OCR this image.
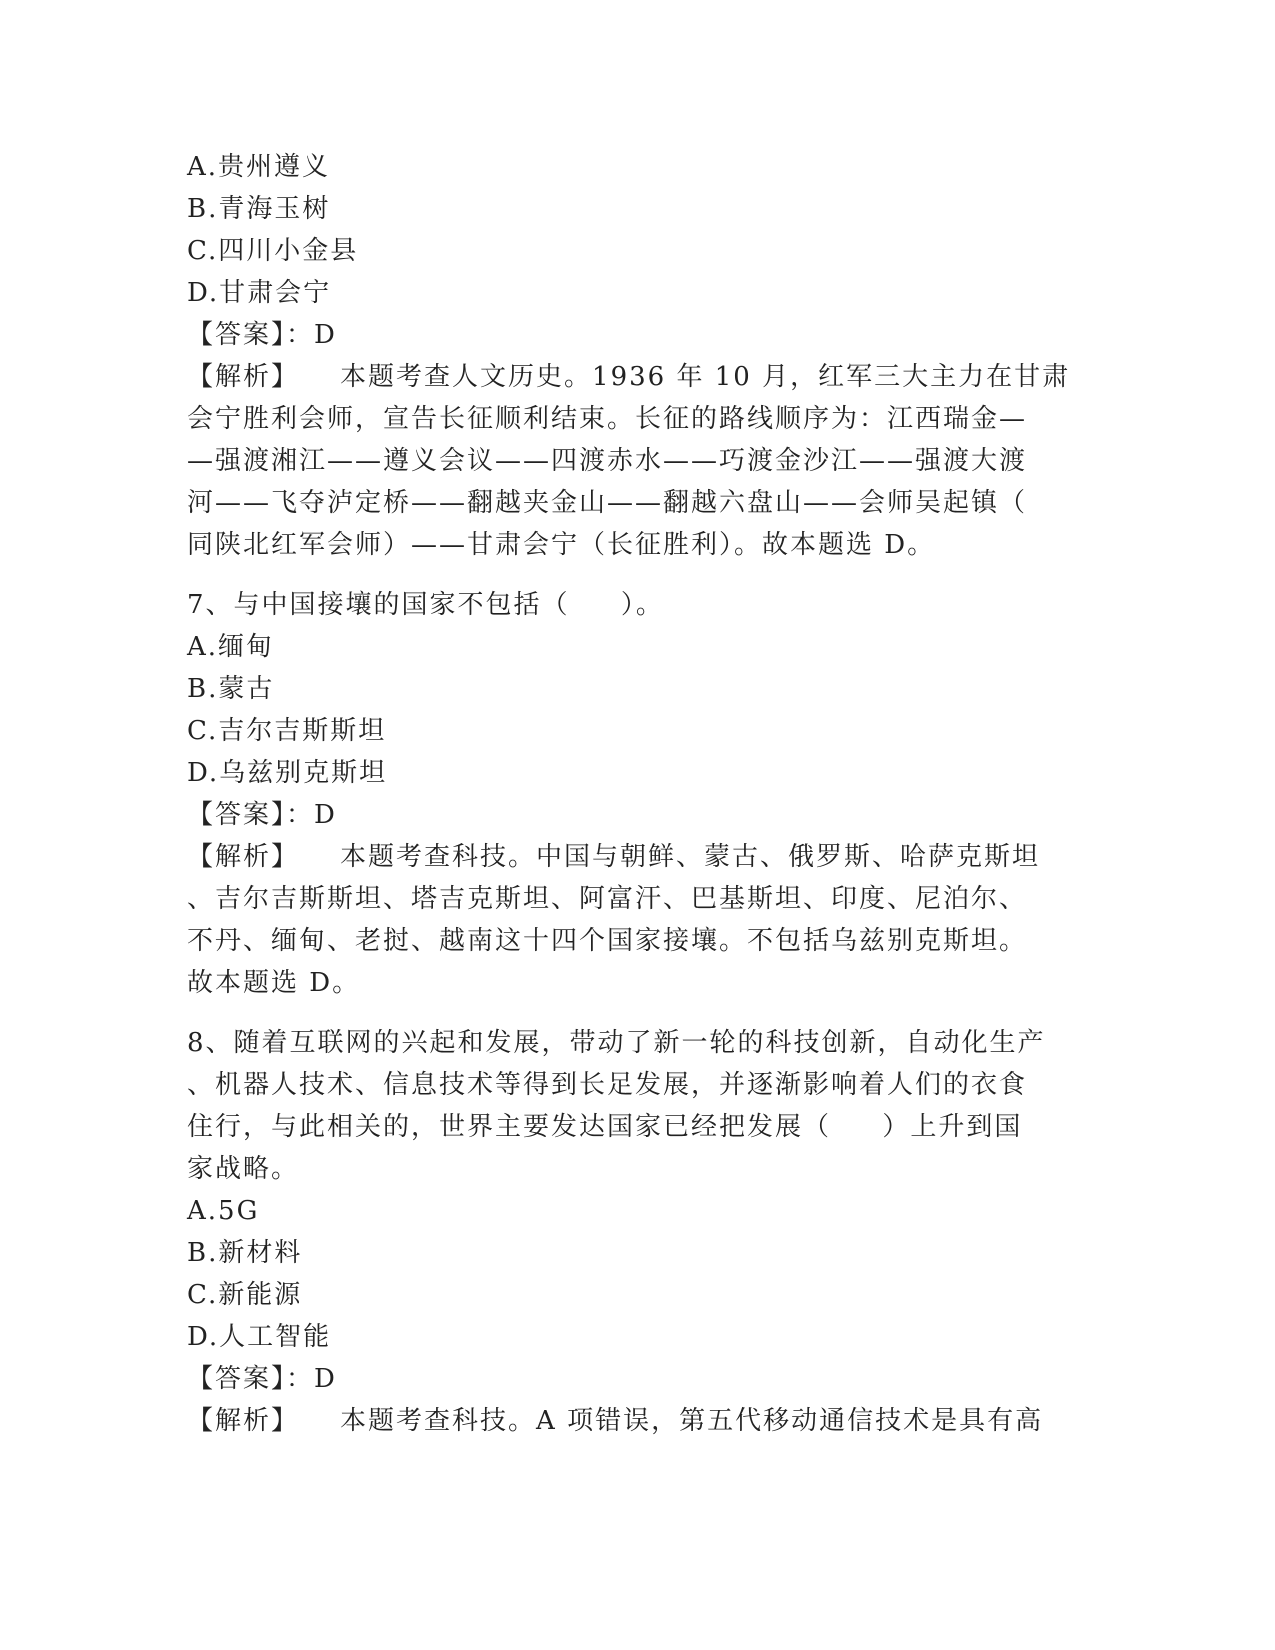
A.贵州遵义
B.青海玉树
C.四川小金县
D.甘肃会宁
【答案】：D
【解析】    本题考查人文历史。1936 年 10 月，红军三大主力在甘肃
会宁胜利会师，宣告长征顺利结束。长征的路线顺序为：江西瑞金—
—强渡湘江——遵义会议——四渡赤水——巧渡金沙江——强渡大渡
河——飞夺泸定桥——翻越夹金山——翻越六盘山——会师吴起镇（
同陕北红军会师）——甘肃会宁（长征胜利）。故本题选 D。
7、与中国接壤的国家不包括（     ）。
A.缅甸
B.蒙古
C.吉尔吉斯斯坦
D.乌兹别克斯坦
【答案】：D
【解析】    本题考查科技。中国与朝鲜、蒙古、俄罗斯、哈萨克斯坦
、吉尔吉斯斯坦、塔吉克斯坦、阿富汗、巴基斯坦、印度、尼泊尔、
不丹、缅甸、老挝、越南这十四个国家接壤。不包括乌兹别克斯坦。
故本题选 D。
8、随着互联网的兴起和发展，带动了新一轮的科技创新，自动化生产
、机器人技术、信息技术等得到长足发展，并逐渐影响着人们的衣食
住行，与此相关的，世界主要发达国家已经把发展（     ）上升到国
家战略。
A.5G
B.新材料
C.新能源
D.人工智能
【答案】：D
【解析】    本题考查科技。A 项错误，第五代移动通信技术是具有高
